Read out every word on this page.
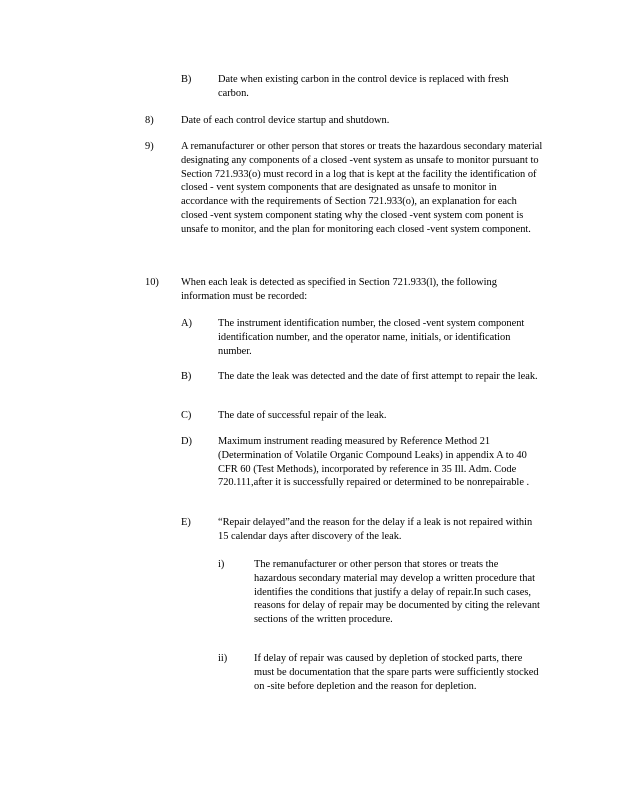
B)	Date when existing carbon in the control device is replaced with fresh carbon.

8)	Date of each control device startup and shutdown.

9)	A remanufacturer or other person that stores or treats the hazardous secondary material designating any components of a closed -vent system as unsafe to monitor pursuant to Section 721.933(o) must record in a log that is kept at the facility the identification of closed - vent system components that are designated as unsafe to monitor in accordance with the requirements of Section 721.933(o), an explanation for each closed -vent system component stating why the closed -vent system com ponent is unsafe to monitor, and the plan for monitoring each closed -vent system component.

10) When each leak is detected as specified in Section 721.933(l), the following information must be recorded:

A)	The instrument identification number, the closed -vent system component identification number, and the operator name, initials, or identification number.

B)	The date the leak was detected and the date of first attempt to repair the leak.

C)	The date of successful repair of the leak.

D)	Maximum instrument reading measured by Reference Method 21 (Determination of Volatile Organic Compound Leaks) in appendix A to 40 CFR 60 (Test Methods), incorporated by reference in 35 Ill. Adm. Code 720.111,after it is successfully repaired or determined to be nonrepairable .

E)	“Repair delayed”and the reason for the delay if a leak is not repaired within 15 calendar days after discovery of the leak.

i)	The remanufacturer or other person that stores or treats the hazardous secondary material may develop a written procedure that identifies the conditions that justify a delay of repair.In such cases, reasons for delay of repair may be documented by citing the relevant sections of the written procedure.

ii)	If delay of repair was caused by depletion of stocked parts, there must be documentation that the spare parts were sufficiently stocked on -site before depletion and the reason for depletion.
